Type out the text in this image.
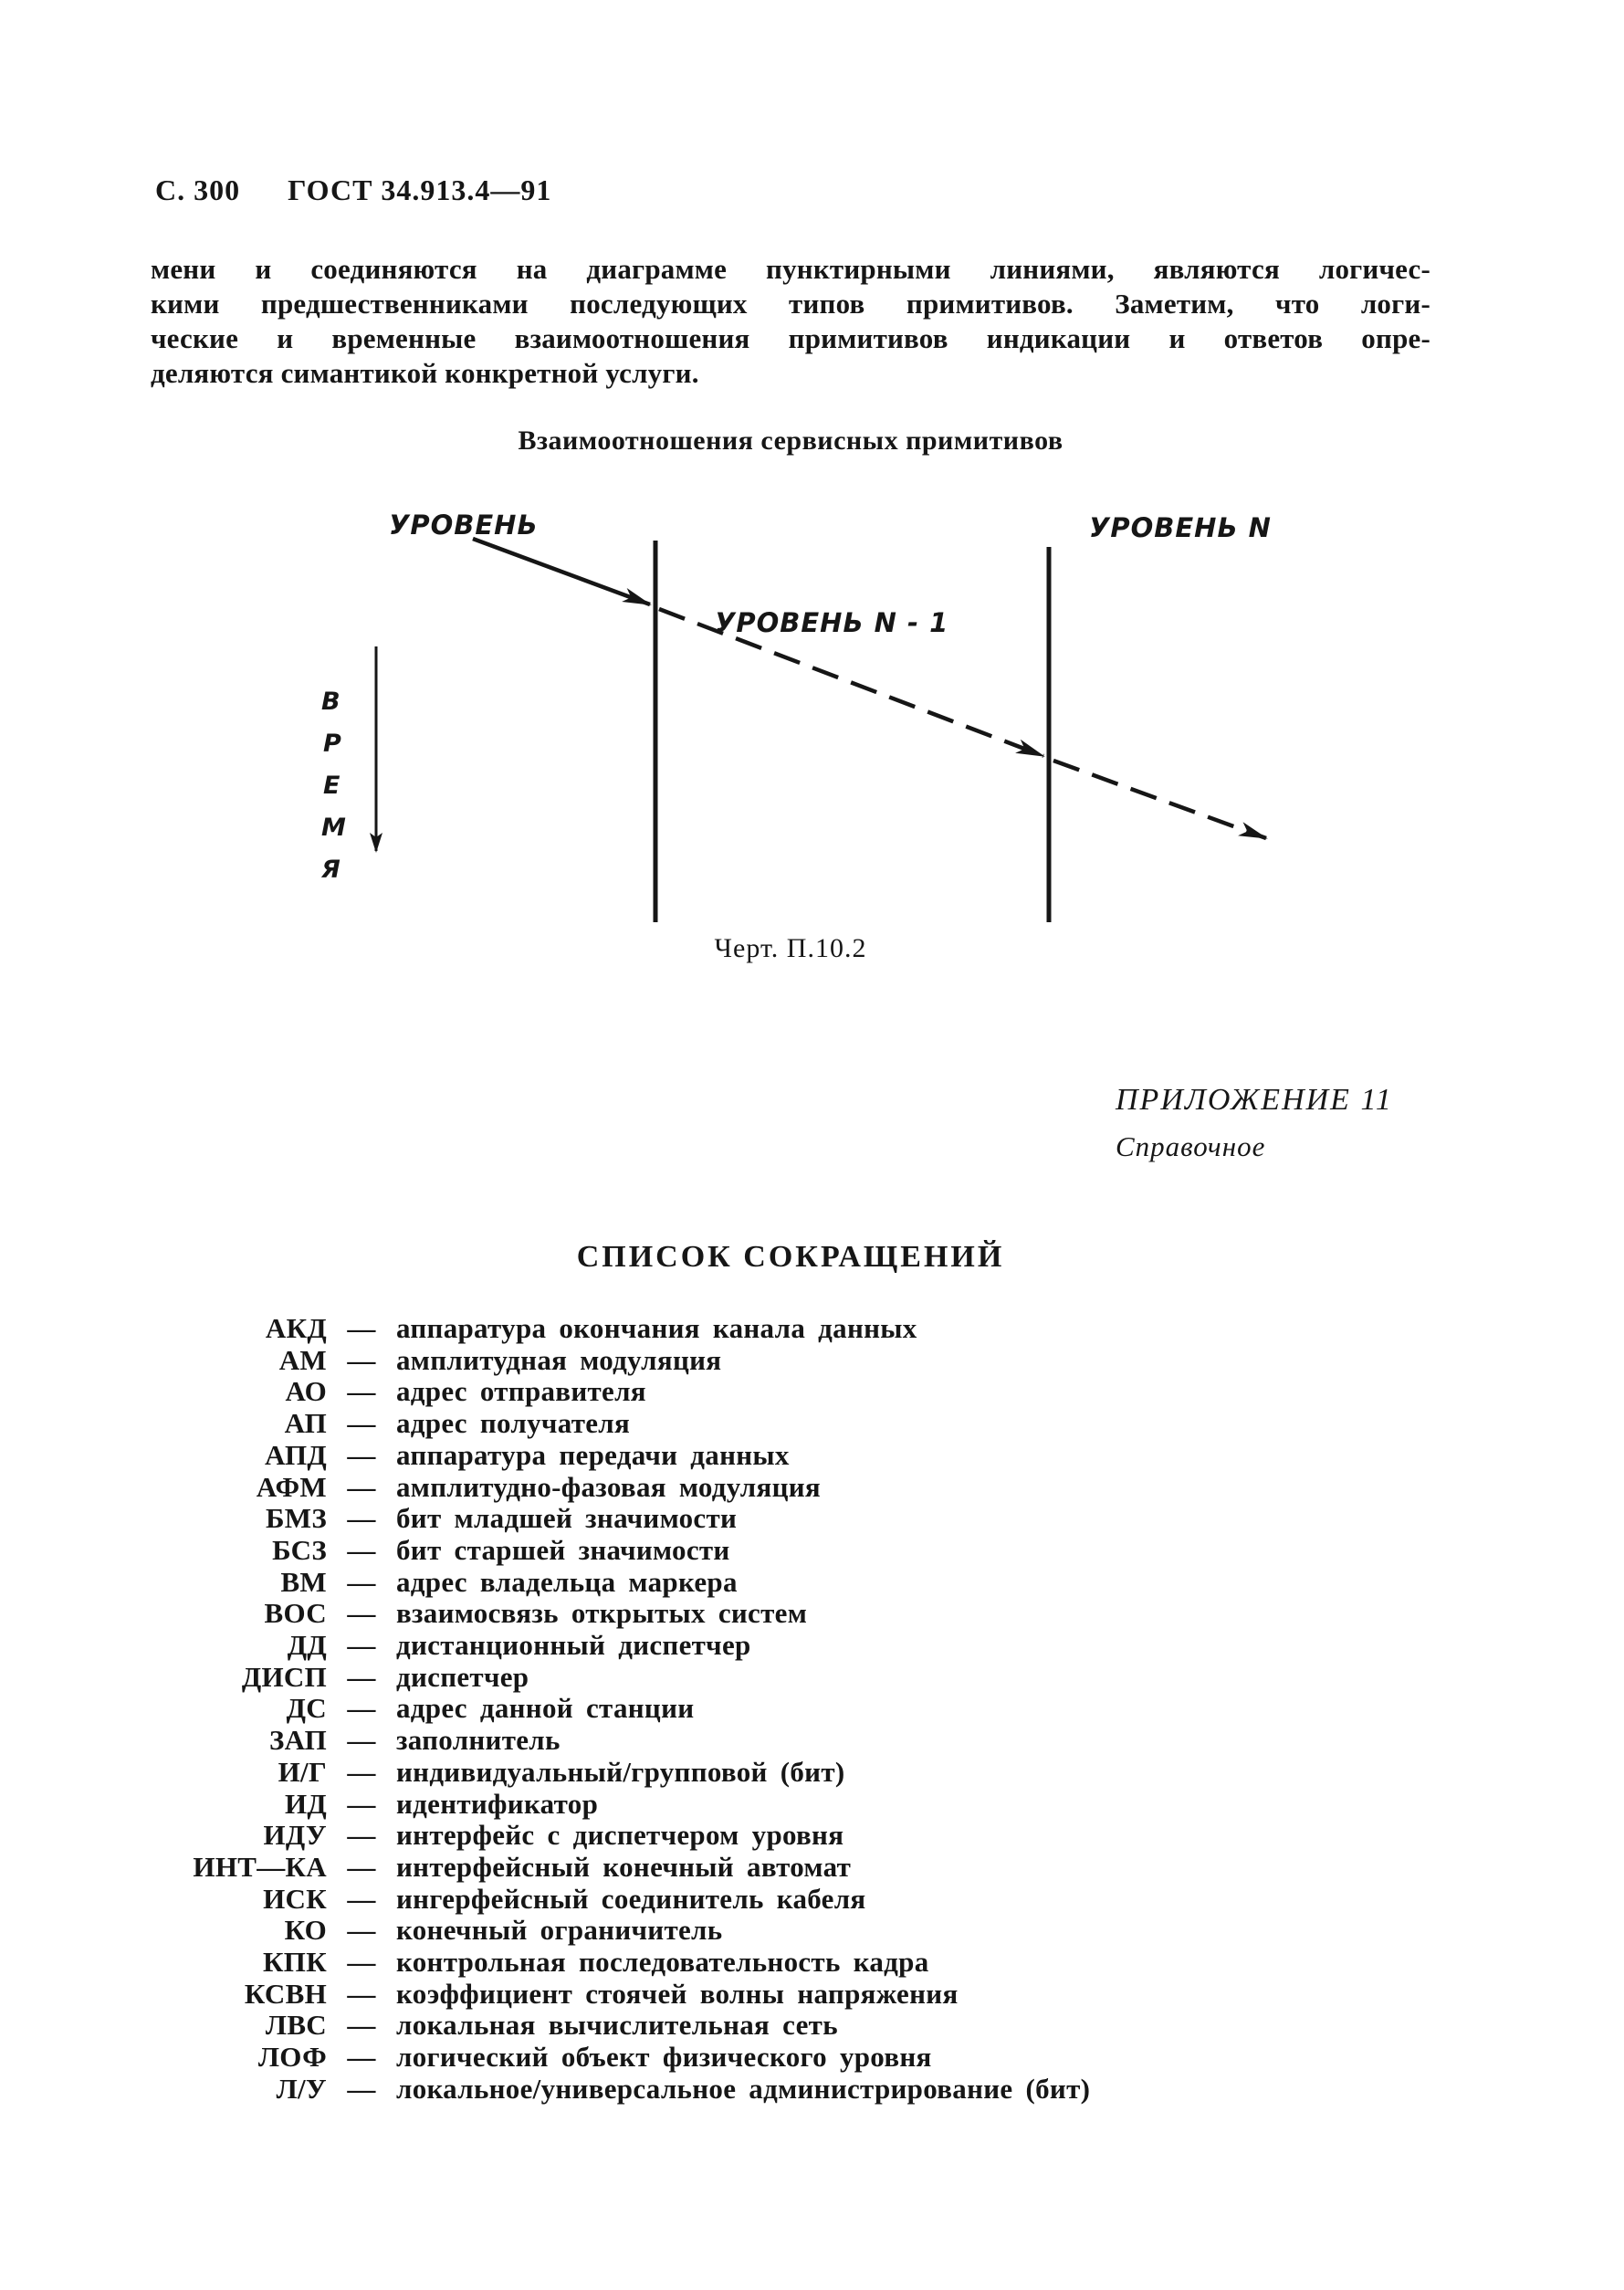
С. 300 ГОСТ 34.913.4—91
мени и соединяются на диаграмме пунктирными линиями, являются логичес-
кими предшественниками последующих типов примитивов. Заметим, что логи-
ческие и временные взаимоотношения примитивов индикации и ответов опре-
деляются симантикой конкретной услуги.
Взаимоотношения сервисных примитивов
УРОВЕНЬ	УРОВЕНЬ N
УРОВЕНЬ N - 1
В
Р
Е
М
Я
Черт. П.10.2
ПРИЛОЖЕНИЕ 11
Справочное
СПИСОК СОКРАЩЕНИЙ
АКД — аппаратура окончания канала данных
АМ — амплитудная модуляция
АО — адрес отправителя
АП — адрес получателя
АПД — аппаратура передачи данных
АФМ — амплитудно-фазовая модуляция
БМЗ — бит младшей значимости
БСЗ — бит старшей значимости
ВМ — адрес владельца маркера
ВОС — взаимосвязь открытых систем
ДД — дистанционный диспетчер
ДИСП — диспетчер
ДС — адрес данной станции
ЗАП — заполнитель
И/Г — индивидуальный/групповой (бит)
ИД — идентификатор
ИДУ — интерфейс с диспетчером уровня
ИНТ—КА — интерфейсный конечный автомат
ИСК — ингерфейсный соединитель кабеля
КО — конечный ограничитель
КПК — контрольная последовательность кадра
КСВН — коэффициент стоячей волны напряжения
ЛВС — локальная вычислительная сеть
ЛОФ — логический объект физического уровня
Л/У — локальное/универсальное администрирование (бит)
